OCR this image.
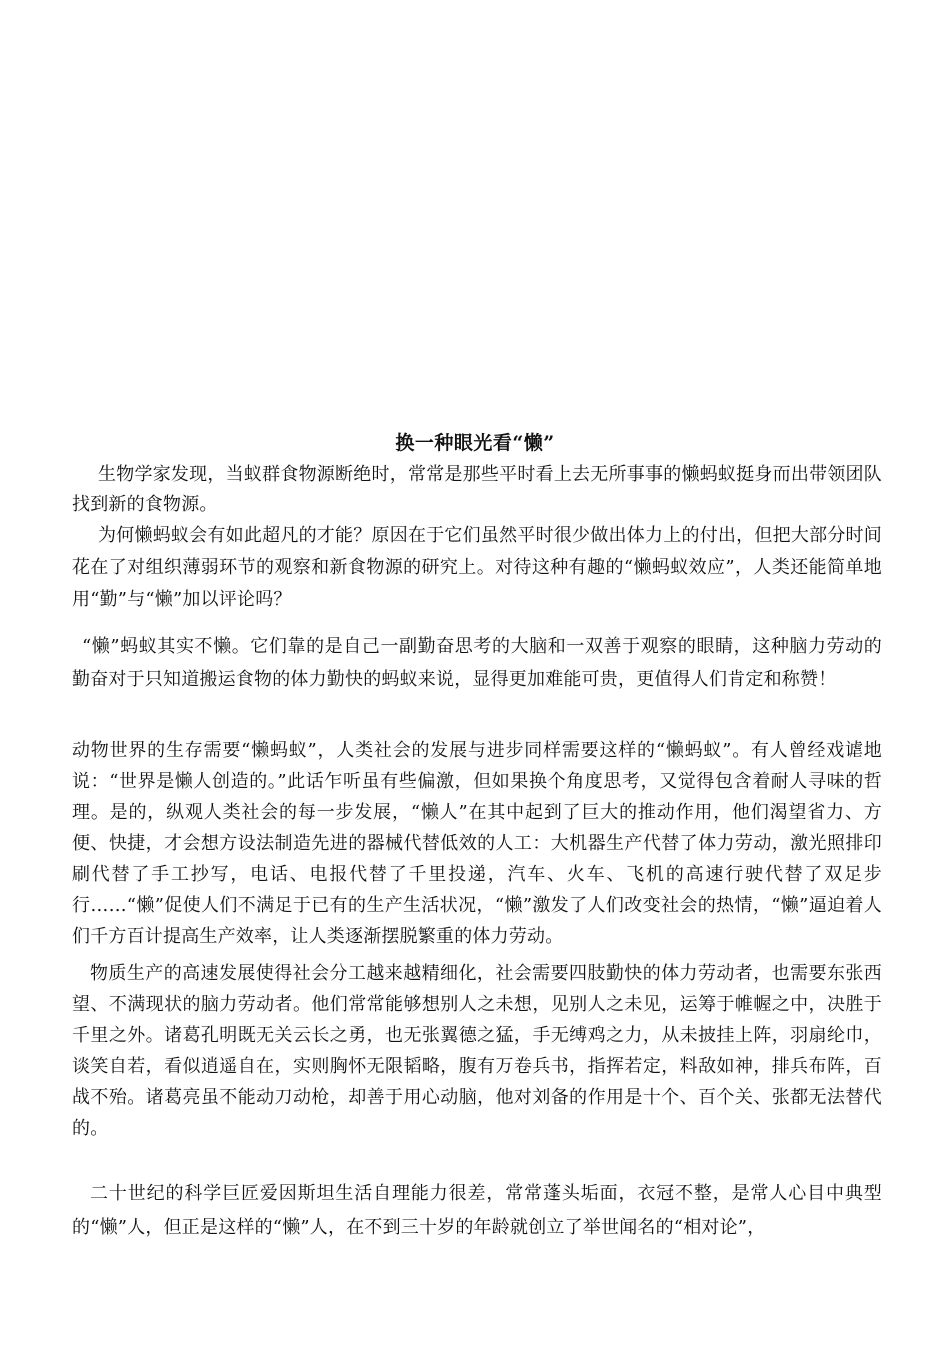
换一种眼光看“懒”
生物学家发现，当蚁群食物源断绝时，常常是那些平时看上去无所事事的懒蚂蚁挺身而出带领团队找到新的食物源。
为何懒蚂蚁会有如此超凡的才能？原因在于它们虽然平时很少做出体力上的付出，但把大部分时间花在了对组织薄弱环节的观察和新食物源的研究上。对待这种有趣的“懒蚂蚁效应”，人类还能简单地用“勤”与“懒”加以评论吗？
“懒”蚂蚁其实不懒。它们靠的是自己一副勤奋思考的大脑和一双善于观察的眼睛，这种脑力劳动的勤奋对于只知道搬运食物的体力勤快的蚂蚁来说，显得更加难能可贵，更值得人们肯定和称赞！
动物世界的生存需要“懒蚂蚁”，人类社会的发展与进步同样需要这样的“懒蚂蚁”。有人曾经戏谑地说：“世界是懒人创造的。”此话乍听虽有些偏激，但如果换个角度思考，又觉得包含着耐人寻味的哲理。是的，纵观人类社会的每一步发展，“懒人”在其中起到了巨大的推动作用，他们渴望省力、方便、快捷，才会想方设法制造先进的器械代替低效的人工：大机器生产代替了体力劳动，激光照排印刷代替了手工抄写，电话、电报代替了千里投递，汽车、火车、飞机的高速行驶代替了双足步行……“懒”促使人们不满足于已有的生产生活状况，“懒”激发了人们改变社会的热情，“懒”逼迫着人们千方百计提高生产效率，让人类逐渐摆脱繁重的体力劳动。
物质生产的高速发展使得社会分工越来越精细化，社会需要四肢勤快的体力劳动者，也需要东张西望、不满现状的脑力劳动者。他们常常能够想别人之未想，见别人之未见，运筹于帷幄之中，决胜于千里之外。诸葛孔明既无关云长之勇，也无张翼德之猛，手无缚鸡之力，从未披挂上阵，羽扇纶巾，谈笑自若，看似逍遥自在，实则胸怀无限韬略，腹有万卷兵书，指挥若定，料敌如神，排兵布阵，百战不殆。诸葛亮虽不能动刀动枪，却善于用心动脑，他对刘备的作用是十个、百个关、张都无法替代的。
二十世纪的科学巨匠爱因斯坦生活自理能力很差，常常蓬头垢面，衣冠不整，是常人心目中典型的“懒”人，但正是这样的“懒”人，在不到三十岁的年龄就创立了举世闻名的“相对论”，
